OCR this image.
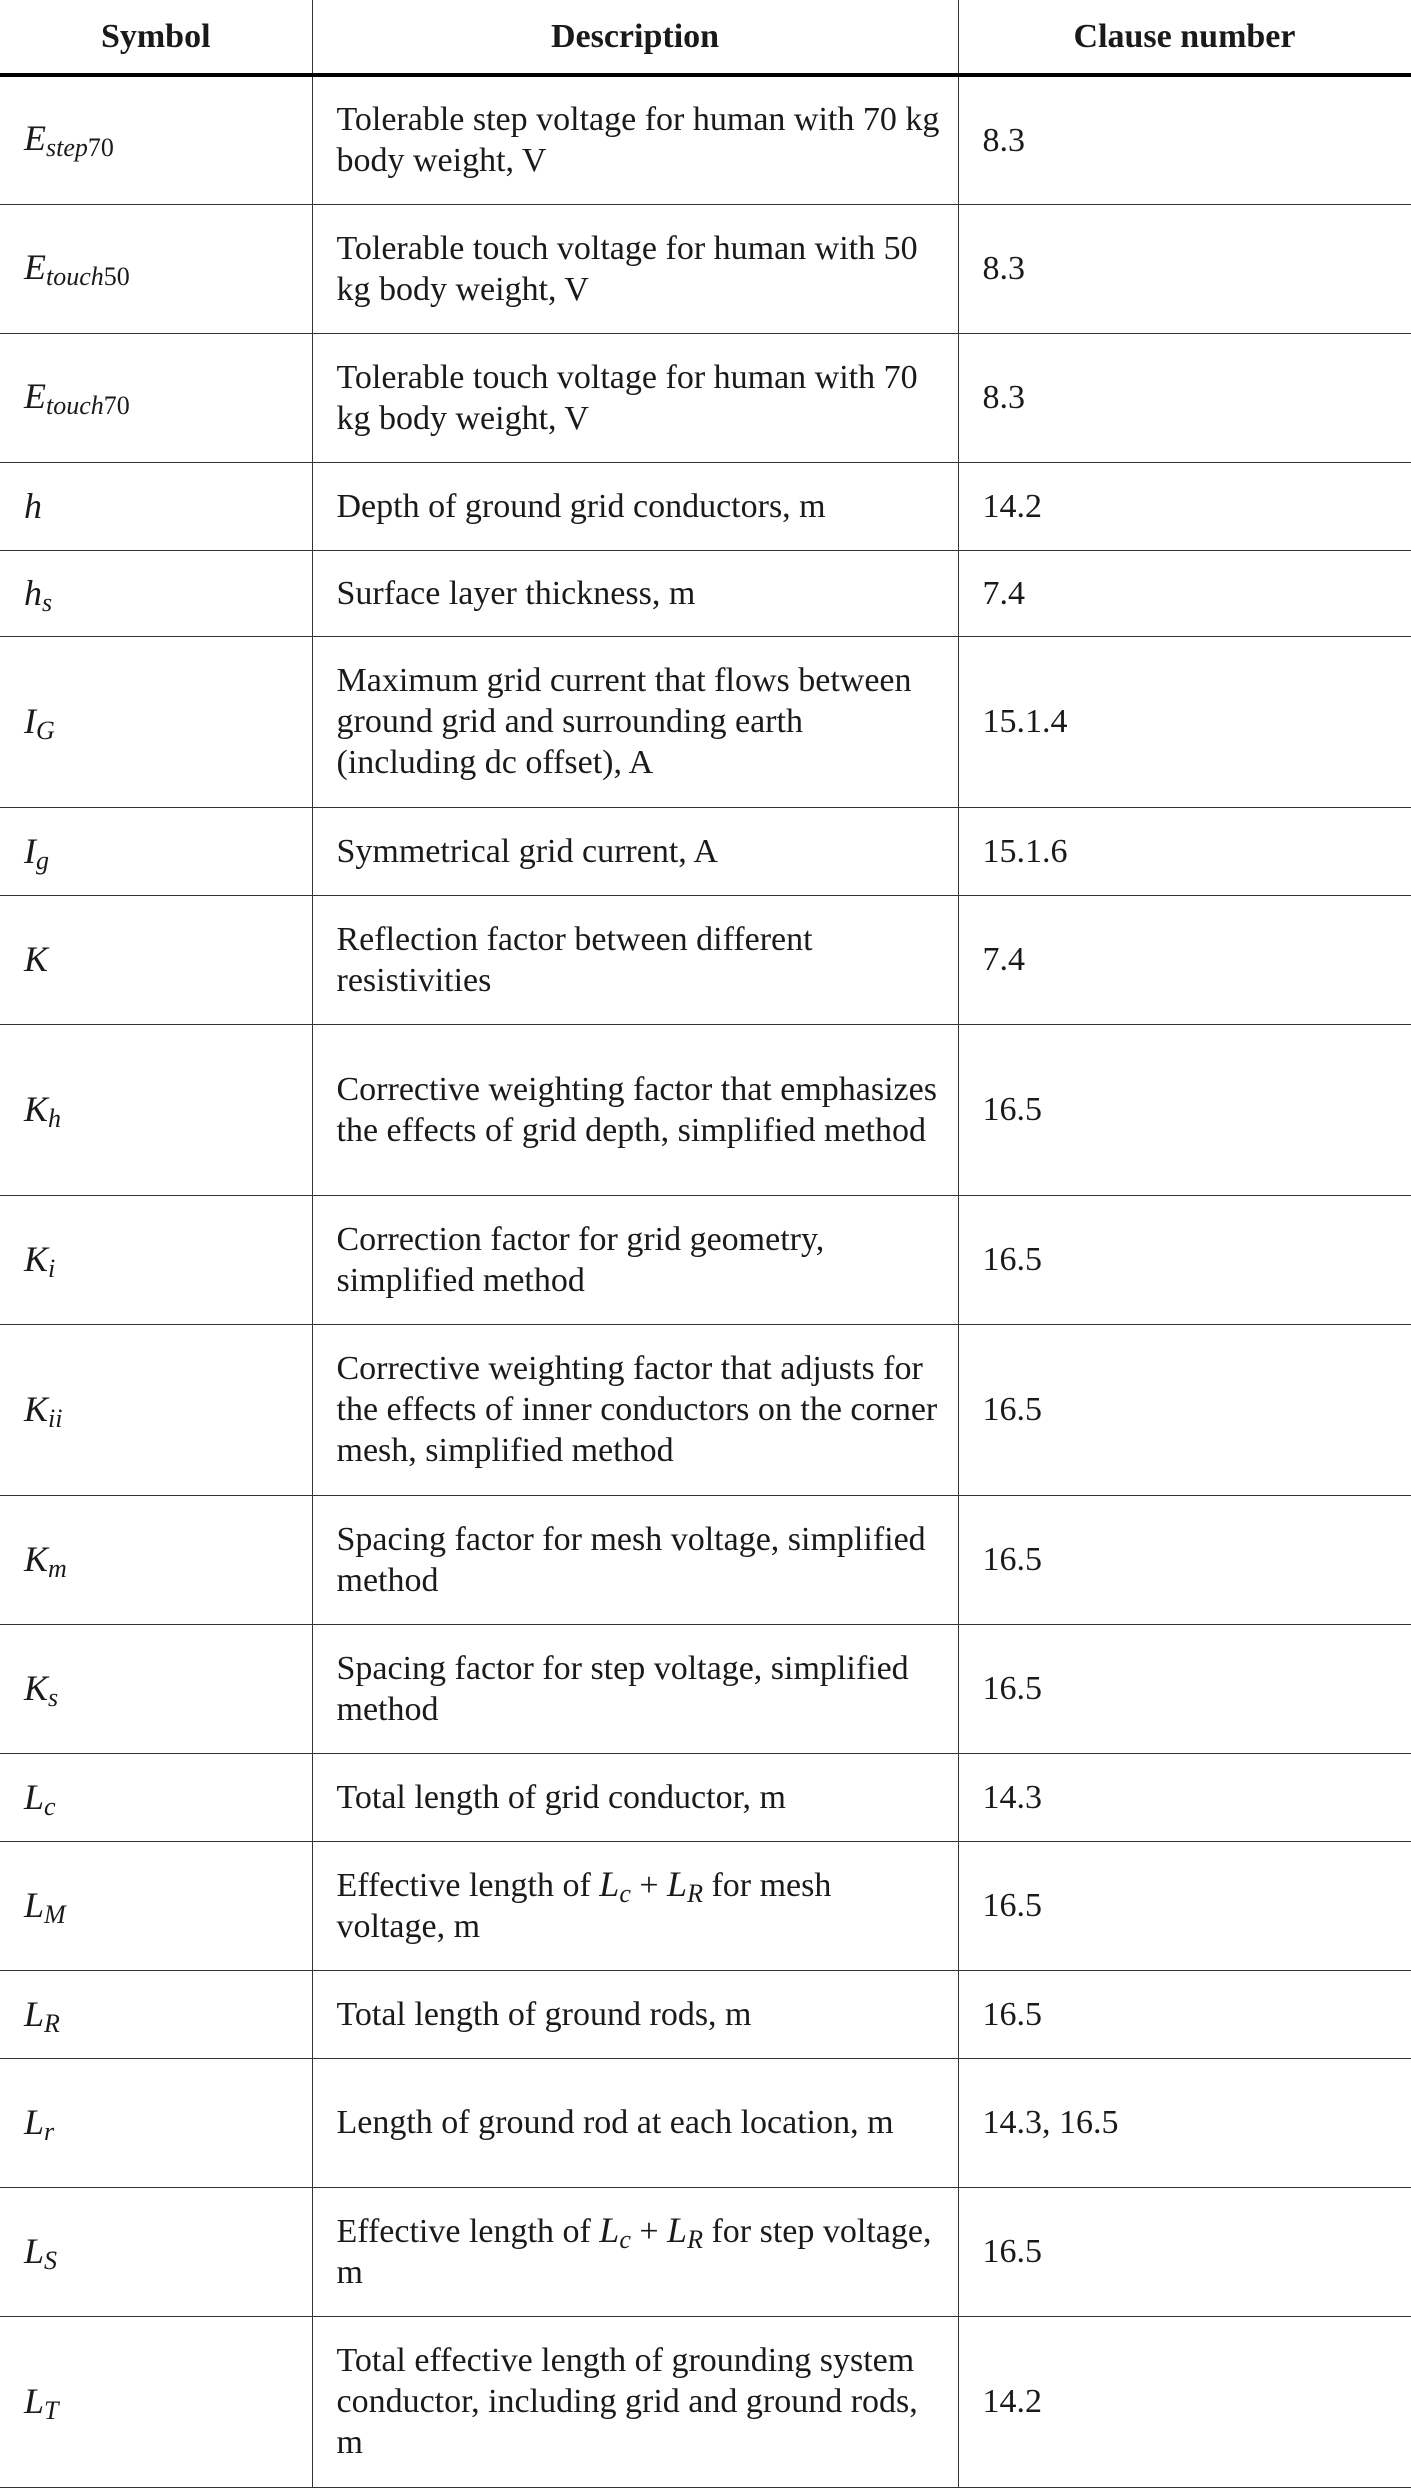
Symbol	Description	Clause number
$E_{step}70$	Tolerable step voltage for human with 70 kg body weight, V	8.3
$E_{touch}50$	Tolerable touch voltage for human with 50 kg body weight, V	8.3
$E_{touch}70$	Tolerable touch voltage for human with 70 kg body weight, V	8.3
h	Depth of ground grid conductors, m	14.2
$h_s$	Surface layer thickness, m	7.4
$I_G$	Maximum grid current that flows between ground grid and surrounding earth (including dc offset), A	15.1.4
$I_g$	Symmetrical grid current, A	15.1.6
K	Reflection factor between different resistivities	7.4
$K_h$	Corrective weighting factor that emphasizes the effects of grid depth, simplified method	16.5
$K_i$	Correction factor for grid geometry, simplified method	16.5
$K_{ii}$	Corrective weighting factor that adjusts for the effects of inner conductors on the corner mesh, simplified method	16.5
$K_m$	Spacing factor for mesh voltage, simplified method	16.5
$K_s$	Spacing factor for step voltage, simplified method	16.5
$L_c$	Total length of grid conductor, m	14.3
$L_M$	Effective length of $L_c + L_R$ for mesh voltage, m	16.5
$L_R$	Total length of ground rods, m	16.5
$L_r$	Length of ground rod at each location, m	14.3, 16.5
$L_S$	Effective length of $L_c + L_R$ for step voltage, m	16.5
$L_T$	Total effective length of grounding system conductor, including grid and ground rods, m	14.2
